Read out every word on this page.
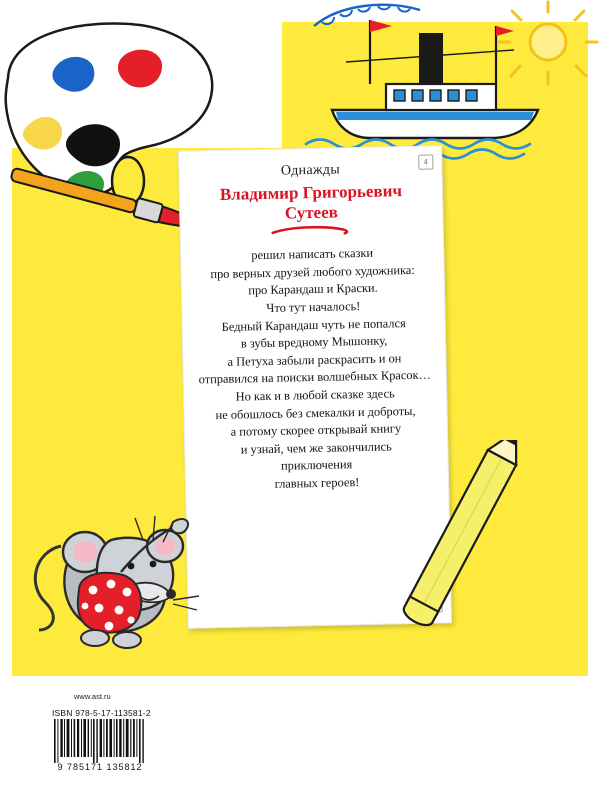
Однажды
Владимир Григорьевич
Сутеев
решил написать сказки
про верных друзей любого художника:
про Карандаш и Краски.
Что тут началось!
Бедный Карандаш чуть не попался
в зубы вредному Мышонку,
а Петуха забыли раскрасить и он
отправился на поиски волшебных Красок…
Но как и в любой сказке здесь
не обошлось без смекалки и доброты,
а потому скорее открывай книгу
и узнай, чем же закончились
приключения
главных героев!
4
www.ast.ru
ISBN 978-5-17-113581-2
9 785171 135812
